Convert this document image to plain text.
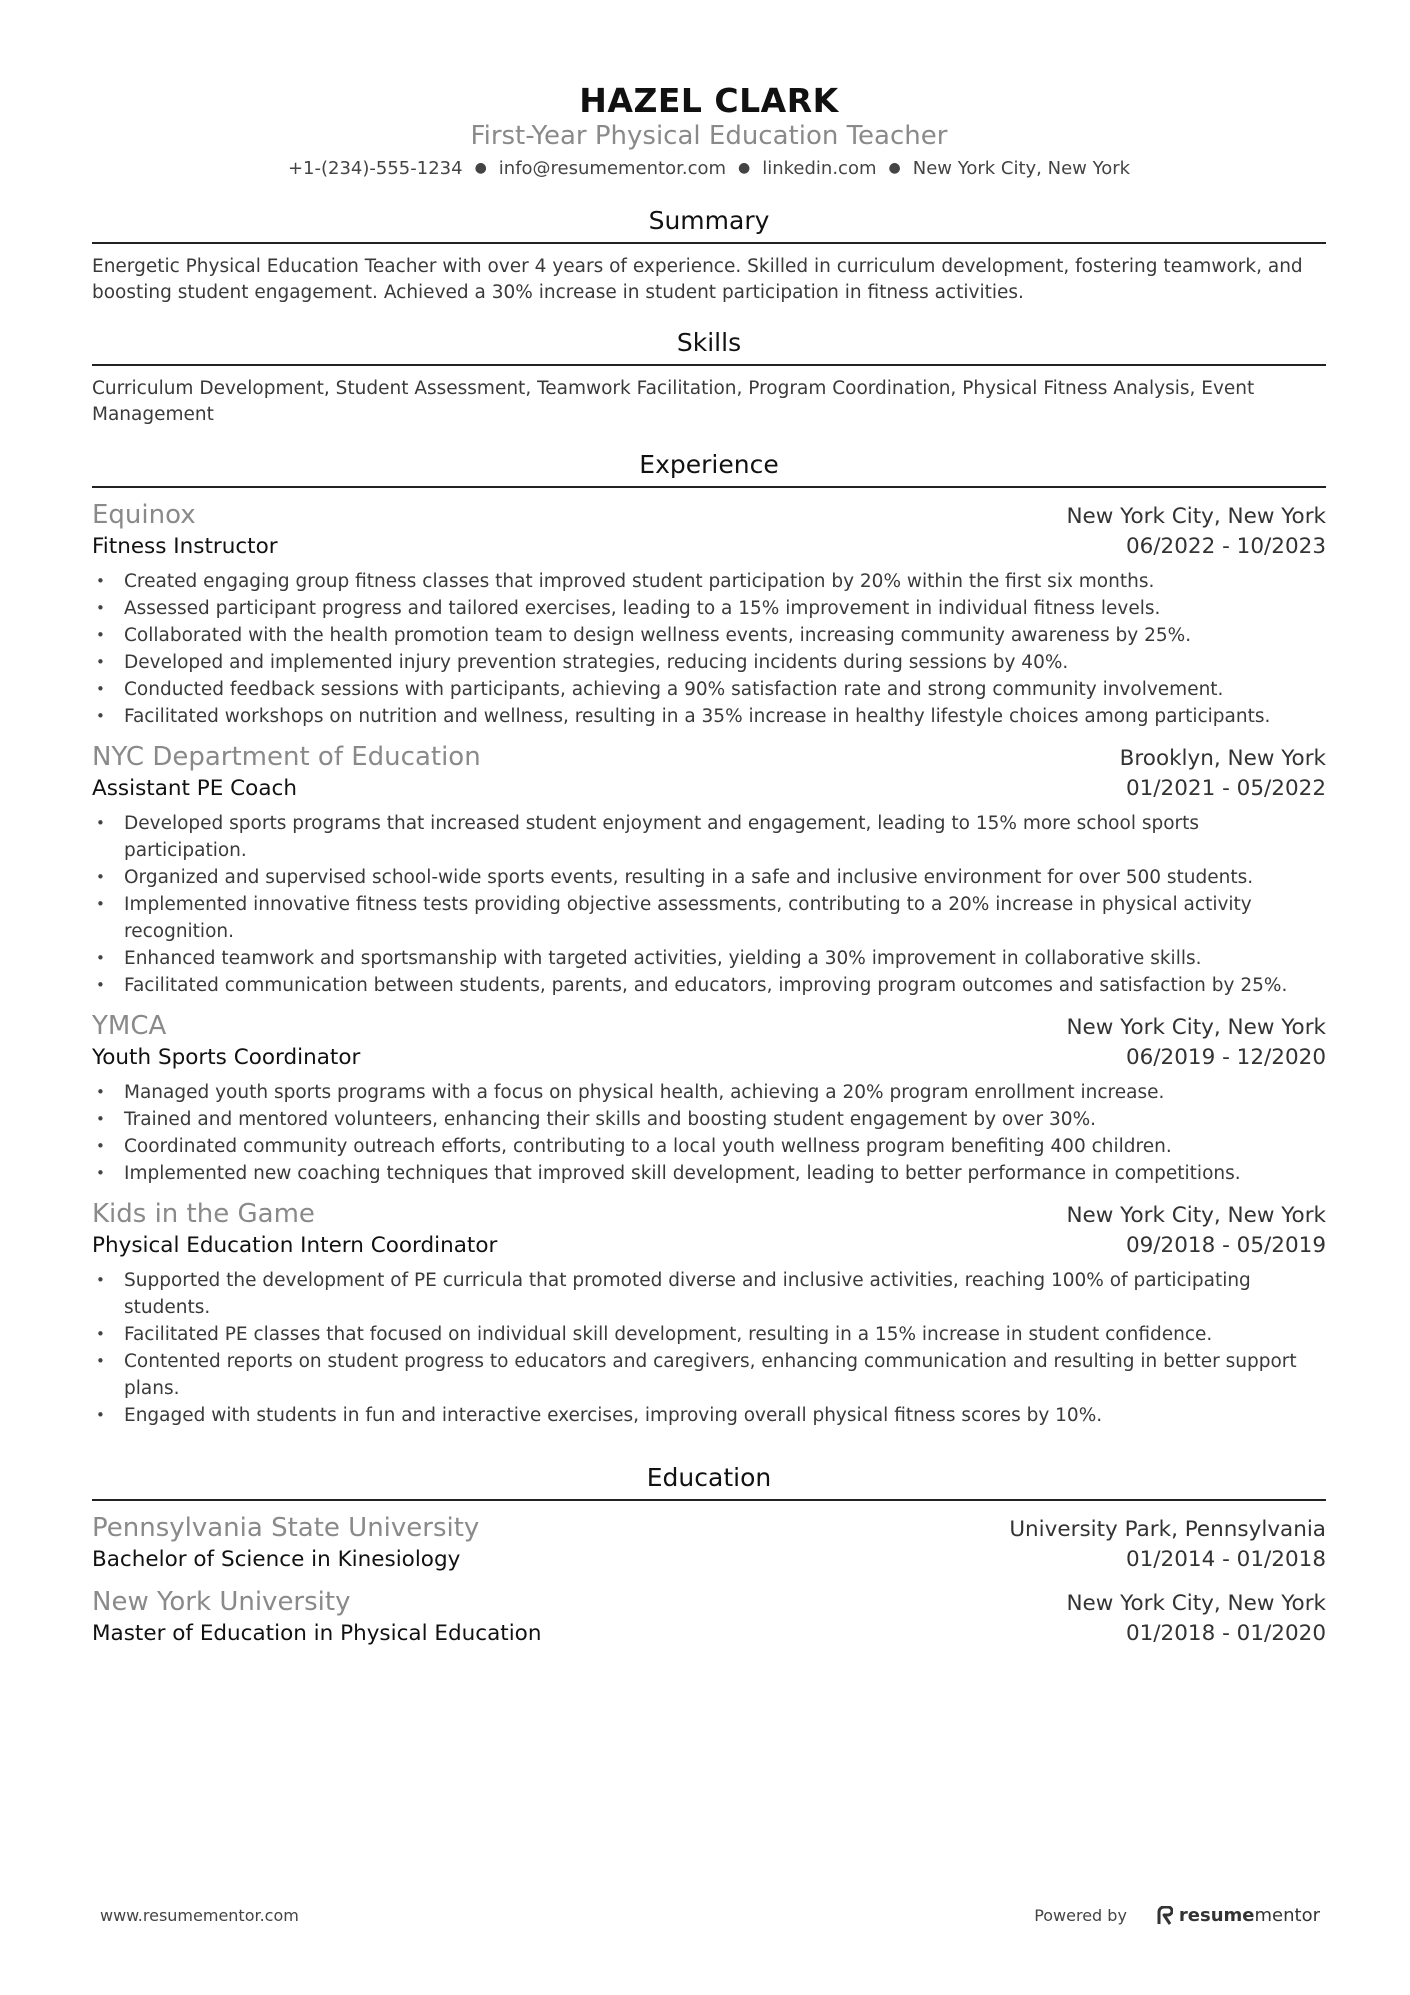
HAZEL CLARK
First-Year Physical Education Teacher
+1-(234)-555-1234 ● info@resumementor.com ● linkedin.com ● New York City, New York
Summary
Energetic Physical Education Teacher with over 4 years of experience. Skilled in curriculum development, fostering teamwork, and boosting student engagement. Achieved a 30% increase in student participation in fitness activities.
Skills
Curriculum Development, Student Assessment, Teamwork Facilitation, Program Coordination, Physical Fitness Analysis, Event Management
Experience
Equinox	New York City, New York
Fitness Instructor	06/2022 - 10/2023
• Created engaging group fitness classes that improved student participation by 20% within the first six months.
• Assessed participant progress and tailored exercises, leading to a 15% improvement in individual fitness levels.
• Collaborated with the health promotion team to design wellness events, increasing community awareness by 25%.
• Developed and implemented injury prevention strategies, reducing incidents during sessions by 40%.
• Conducted feedback sessions with participants, achieving a 90% satisfaction rate and strong community involvement.
• Facilitated workshops on nutrition and wellness, resulting in a 35% increase in healthy lifestyle choices among participants.
NYC Department of Education	Brooklyn, New York
Assistant PE Coach	01/2021 - 05/2022
• Developed sports programs that increased student enjoyment and engagement, leading to 15% more school sports participation.
• Organized and supervised school-wide sports events, resulting in a safe and inclusive environment for over 500 students.
• Implemented innovative fitness tests providing objective assessments, contributing to a 20% increase in physical activity recognition.
• Enhanced teamwork and sportsmanship with targeted activities, yielding a 30% improvement in collaborative skills.
• Facilitated communication between students, parents, and educators, improving program outcomes and satisfaction by 25%.
YMCA	New York City, New York
Youth Sports Coordinator	06/2019 - 12/2020
• Managed youth sports programs with a focus on physical health, achieving a 20% program enrollment increase.
• Trained and mentored volunteers, enhancing their skills and boosting student engagement by over 30%.
• Coordinated community outreach efforts, contributing to a local youth wellness program benefiting 400 children.
• Implemented new coaching techniques that improved skill development, leading to better performance in competitions.
Kids in the Game	New York City, New York
Physical Education Intern Coordinator	09/2018 - 05/2019
• Supported the development of PE curricula that promoted diverse and inclusive activities, reaching 100% of participating students.
• Facilitated PE classes that focused on individual skill development, resulting in a 15% increase in student confidence.
• Contented reports on student progress to educators and caregivers, enhancing communication and resulting in better support plans.
• Engaged with students in fun and interactive exercises, improving overall physical fitness scores by 10%.
Education
Pennsylvania State University	University Park, Pennsylvania
Bachelor of Science in Kinesiology	01/2014 - 01/2018
New York University	New York City, New York
Master of Education in Physical Education	01/2018 - 01/2020
www.resumementor.com	Powered by	resumementor
